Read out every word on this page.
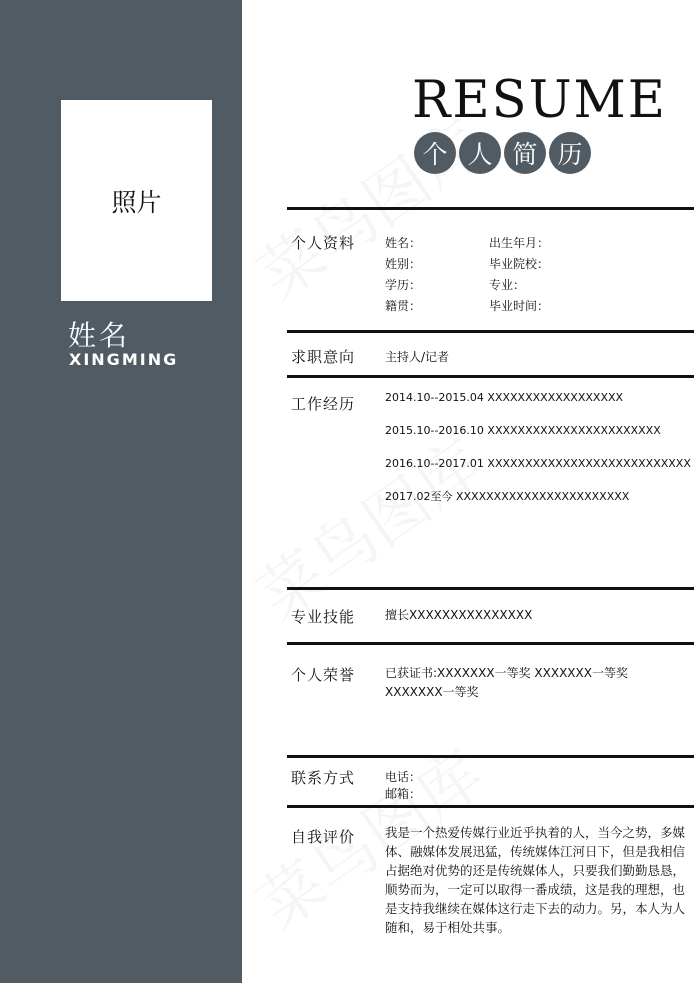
照片
姓名
XINGMING
RESUME
个 人 简 历
个人资料 姓名：
姓别：
学历：
籍贯：
出生年月：
毕业院校：
专业：
毕业时间：
求职意向 主持人/记者
工作经历	2014.10--2015.04 XXXXXXXXXXXXXXXXXX
2015.10--2016.10 XXXXXXXXXXXXXXXXXXXXXXX
2016.10--2017.01 XXXXXXXXXXXXXXXXXXXXXXXXXXX
2017.02至今 XXXXXXXXXXXXXXXXXXXXXXX
专业技能 擅长XXXXXXXXXXXXXXX
个人荣誉 已获证书:XXXXXXX一等奖 XXXXXXX一等奖
XXXXXXX一等奖
联系方式 电话：
邮箱：
自我评价 我是一个热爱传媒行业近乎执着的人，当今之势，多媒体、融媒体发展迅猛，传统媒体江河日下，但是我相信占据绝对优势的还是传统媒体人，只要我们勤勤恳恳，顺势而为，一定可以取得一番成绩，这是我的理想，也是支持我继续在媒体这行走下去的动力。另，本人为人随和，易于相处共事。
